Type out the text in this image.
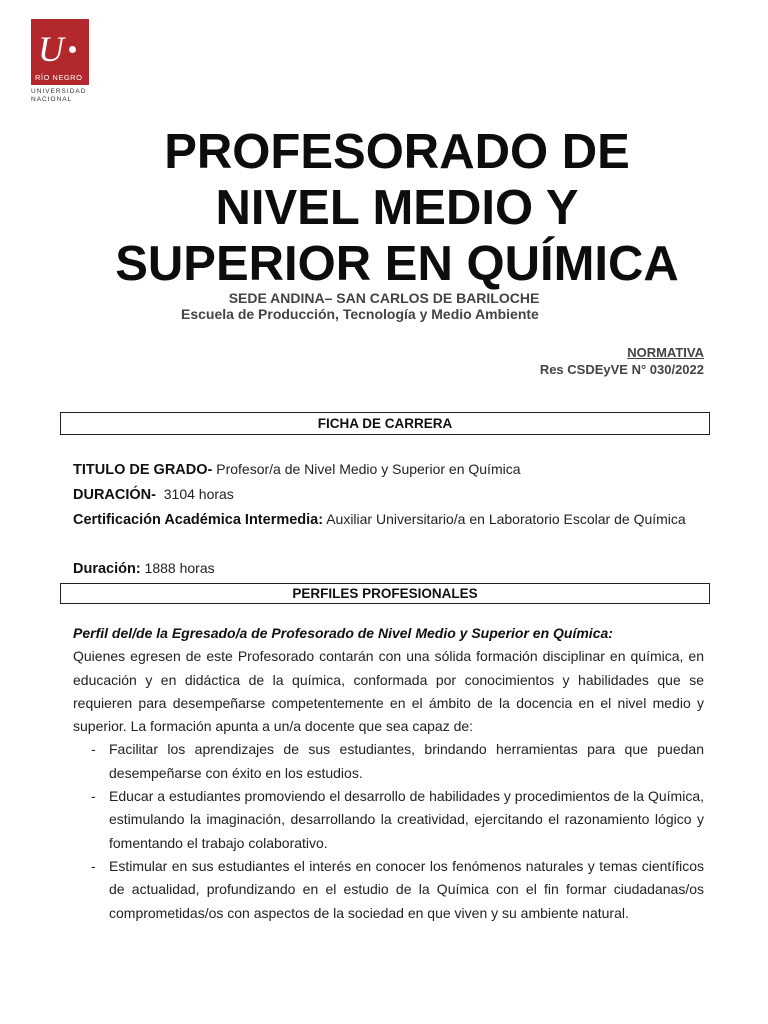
U
RÍO NEGRO
UNIVERSIDAD
NACIONAL
PROFESORADO DE
NIVEL MEDIO Y
SUPERIOR EN QUÍMICA
SEDE ANDINA– SAN CARLOS DE BARILOCHE
Escuela de Producción, Tecnología y Medio Ambiente
NORMATIVA
Res CSDEyVE N° 030/2022
FICHA DE CARRERA
TITULO DE GRADO- Profesor/a de Nivel Medio y Superior en Química
DURACIÓN-  3104 horas
Certificación Académica Intermedia: Auxiliar Universitario/a en Laboratorio Escolar de Química
Duración: 1888 horas
PERFILES PROFESIONALES
Perfil del/de la Egresado/a de Profesorado de Nivel Medio y Superior en Química:
Quienes egresen de este Profesorado contarán con una sólida formación disciplinar en química, en educación y en didáctica de la química, conformada por conocimientos y habilidades que se requieren para desempeñarse competentemente en el ámbito de la docencia en el nivel medio y superior. La formación apunta a un/a docente que sea capaz de:
- Facilitar los aprendizajes de sus estudiantes, brindando herramientas para que puedan desempeñarse con éxito en los estudios.
- Educar a estudiantes promoviendo el desarrollo de habilidades y procedimientos de la Química, estimulando la imaginación, desarrollando la creatividad, ejercitando el razonamiento lógico y fomentando el trabajo colaborativo.
- Estimular en sus estudiantes el interés en conocer los fenómenos naturales y temas científicos de actualidad, profundizando en el estudio de la Química con el fin formar ciudadanas/os comprometidas/os con aspectos de la sociedad en que viven y su ambiente natural.
